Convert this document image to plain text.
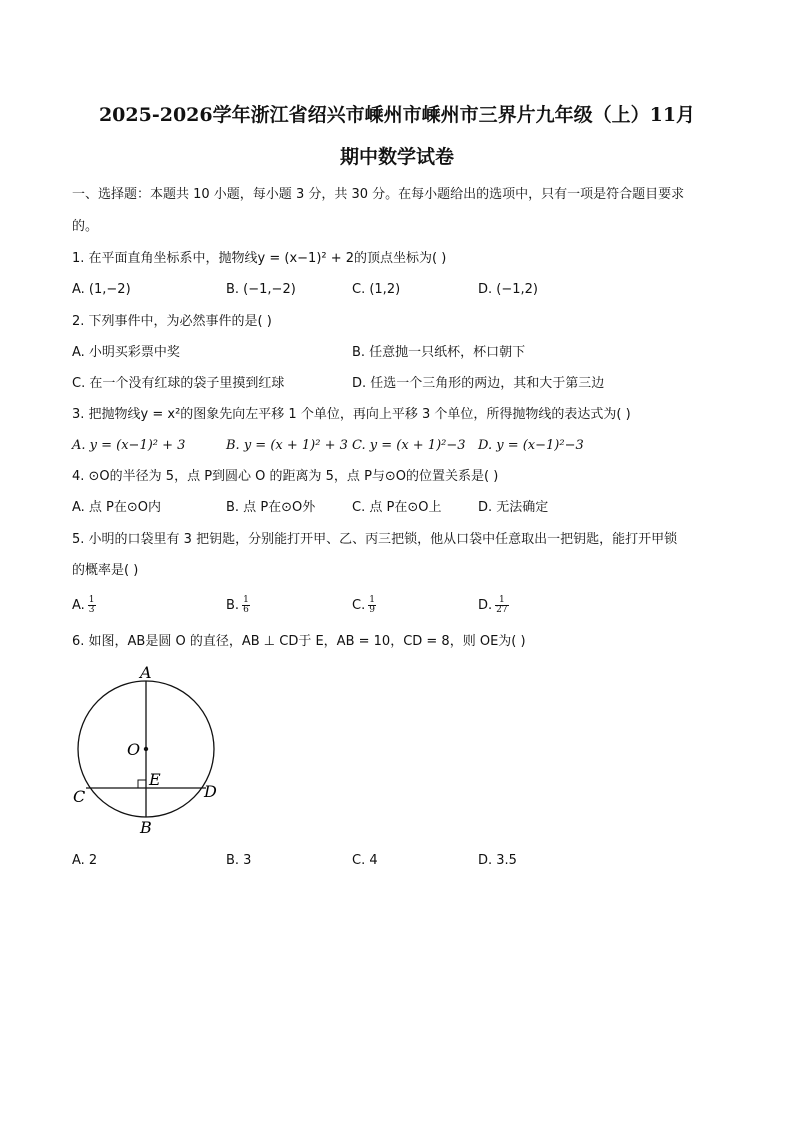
2025-2026学年浙江省绍兴市嵊州市嵊州市三界片九年级（上）11月
期中数学试卷
一、选择题：本题共 10 小题，每小题 3 分，共 30 分。在每小题给出的选项中，只有一项是符合题目要求
的。
1. 在平面直角坐标系中，抛物线y = (x−1)² + 2的顶点坐标为( )
A. (1,−2)	B. (−1,−2)	C. (1,2)	D. (−1,2)
2. 下列事件中，为必然事件的是( )
A. 小明买彩票中奖	B. 任意抛一只纸杯，杯口朝下
C. 在一个没有红球的袋子里摸到红球	D. 任选一个三角形的两边，其和大于第三边
3. 把抛物线y = x²的图象先向左平移 1 个单位，再向上平移 3 个单位，所得抛物线的表达式为( )
A. y = (x−1)² + 3	B. y = (x + 1)² + 3 C. y = (x + 1)²−3 D. y = (x−1)²−3
4. ⊙O的半径为 5，点 P到圆心 O 的距离为 5，点 P与⊙O的位置关系是( )
A. 点 P在⊙O内	B. 点 P在⊙O外	C. 点 P在⊙O上	D. 无法确定
5. 小明的口袋里有 3 把钥匙，分别能打开甲、乙、丙三把锁，他从口袋中任意取出一把钥匙，能打开甲锁
的概率是( )
A. $\frac{1}{3}$	B. $\frac{1}{6}$	C. $\frac{1}{9}$	D. $\frac{1}{27}$
6. 如图，AB是圆 O 的直径，AB ⊥ CD于 E，AB = 10，CD = 8，则 OE为( )
A
O
E
C	D
B
A. 2	B. 3	C. 4	D. 3.5
